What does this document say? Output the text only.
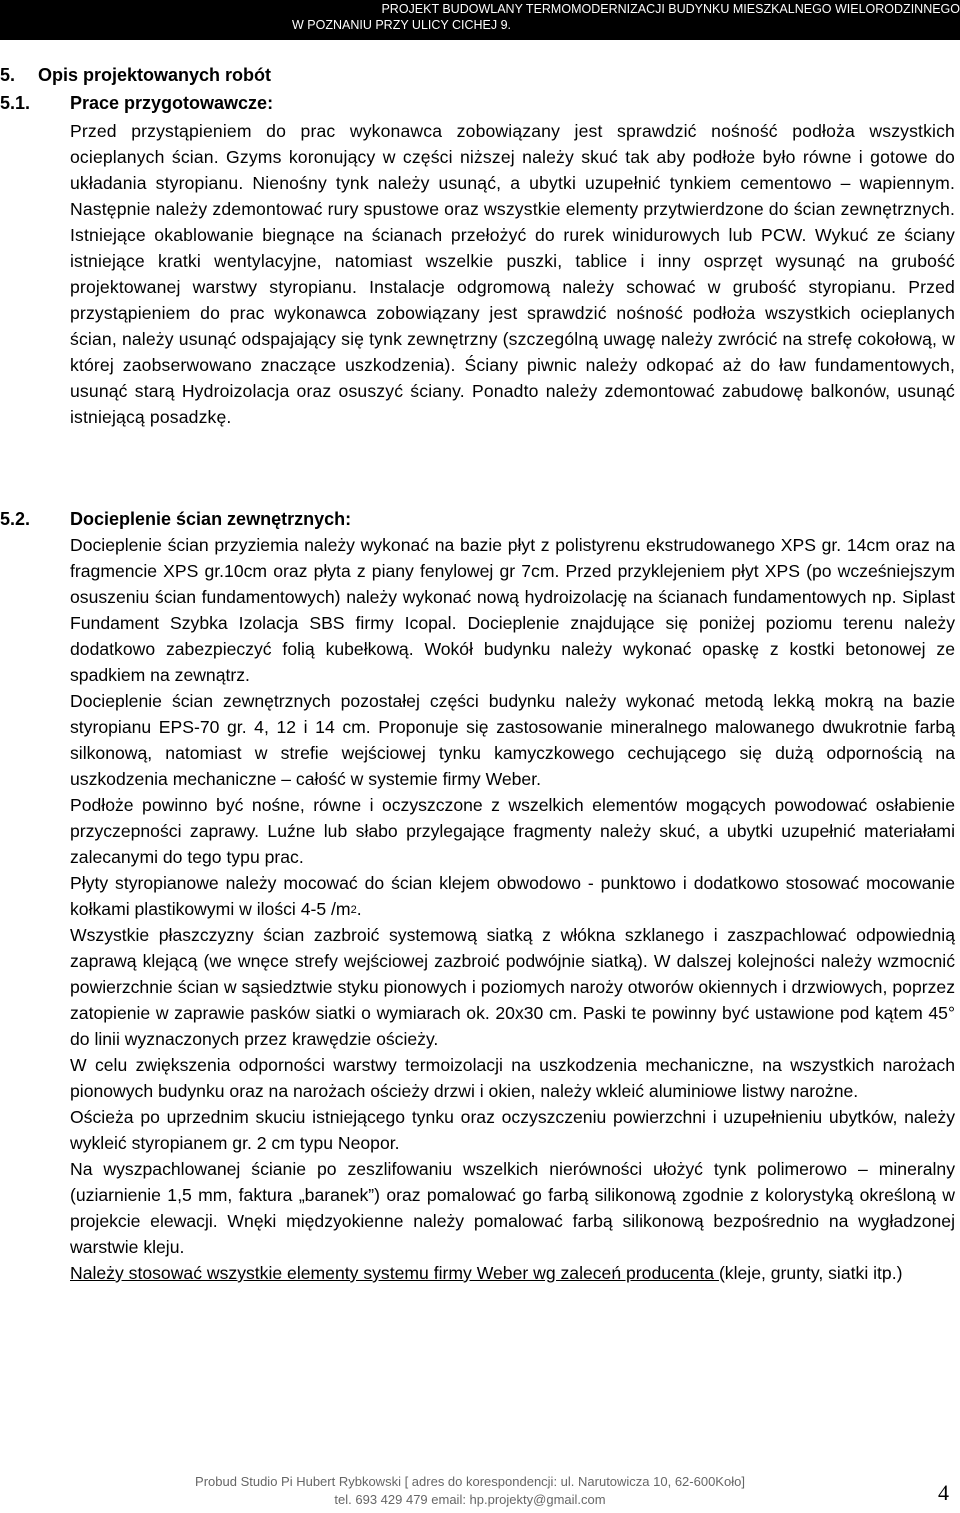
PROJEKT BUDOWLANY TERMOMODERNIZACJI BUDYNKU MIESZKALNEGO WIELORODZINNEGO
W POZNANIU PRZY ULICY CICHEJ 9.
5. Opis projektowanych robót
5.1. Prace przygotowawcze:

Przed przystąpieniem do prac wykonawca zobowiązany jest sprawdzić nośność podłoża wszystkich ocieplanych ścian. Gzyms koronujący w części niższej należy skuć tak aby podłoże było równe i gotowe do układania styropianu. Nienośny tynk należy usunąć, a ubytki uzupełnić tynkiem cementowo – wapiennym. Następnie należy zdemontować rury spustowe oraz wszystkie elementy przytwierdzone do ścian zewnętrznych. Istniejące okablowanie biegnące na ścianach przełożyć do rurek winidurowych lub PCW. Wykuć ze ściany istniejące kratki wentylacyjne, natomiast wszelkie puszki, tablice i inny osprzęt wysunąć na grubość projektowanej warstwy styropianu. Instalacje odgromową należy schować w grubość styropianu. Przed przystąpieniem do prac wykonawca zobowiązany jest sprawdzić nośność podłoża wszystkich ocieplanych ścian, należy usunąć odspajający się tynk zewnętrzny (szczególną uwagę należy zwrócić na strefę cokołową, w której zaobserwowano znaczące uszkodzenia). Ściany piwnic należy odkopać aż do ław fundamentowych, usunąć starą Hydroizolacja oraz osuszyć ściany. Ponadto należy zdemontować zabudowę balkonów, usunąć istniejącą posadzkę.

5.2. Docieplenie ścian zewnętrznych:

Docieplenie ścian przyziemia należy wykonać na bazie płyt z polistyrenu ekstrudowanego XPS gr. 14cm oraz na fragmencie XPS gr.10cm oraz płyta z piany fenylowej gr 7cm. Przed przyklejeniem płyt XPS (po wcześniejszym osuszeniu ścian fundamentowych) należy wykonać nową hydroizolację na ścianach fundamentowych np. Siplast Fundament Szybka Izolacja SBS firmy Icopal. Docieplenie znajdujące się poniżej poziomu terenu należy dodatkowo zabezpieczyć folią kubełkową. Wokół budynku należy wykonać opaskę z kostki betonowej ze spadkiem na zewnątrz.

Docieplenie ścian zewnętrznych pozostałej części budynku należy wykonać metodą lekką mokrą na bazie styropianu EPS-70 gr. 4, 12 i 14 cm. Proponuje się zastosowanie mineralnego malowanego dwukrotnie farbą silkonową, natomiast w strefie wejściowej tynku kamyczkowego cechującego się dużą odpornością na uszkodzenia mechaniczne – całość w systemie firmy Weber.

Podłoże powinno być nośne, równe i oczyszczone z wszelkich elementów mogących powodować osłabienie przyczepności zaprawy. Luźne lub słabo przylegające fragmenty należy skuć, a ubytki uzupełnić materiałami zalecanymi do tego typu prac.

Płyty styropianowe należy mocować do ścian klejem obwodowo - punktowo i dodatkowo stosować mocowanie kołkami plastikowymi w ilości 4-5 $/m^2$.

Wszystkie płaszczyzny ścian zazbroić systemową siatką z włókna szklanego i zaszpachlować odpowiednią zaprawą klejącą (we wnęce strefy wejściowej zazbroić podwójnie siatką). W dalszej kolejności należy wzmocnić powierzchnie ścian w sąsiedztwie styku pionowych i poziomych naroży otworów okiennych i drzwiowych, poprzez zatopienie w zaprawie pasków siatki o wymiarach ok. 20x30 cm. Paski te powinny być ustawione pod kątem 45° do linii wyznaczonych przez krawędzie ościeży.

W celu zwiększenia odporności warstwy termoizolacji na uszkodzenia mechaniczne, na wszystkich narożach pionowych budynku oraz na narożach ościeży drzwi i okien, należy wkleić aluminiowe listwy narożne.

Ościeża po uprzednim skuciu istniejącego tynku oraz oczyszczeniu powierzchni i uzupełnieniu ubytków, należy wykleić styropianem gr. 2 cm typu Neopor.

Na wyszpachlowanej ścianie po zeszlifowaniu wszelkich nierówności ułożyć tynk polimerowo – mineralny (uziarnienie 1,5 mm, faktura „baranek”) oraz pomalować go farbą silikonową zgodnie z kolorystyką określoną w projekcie elewacji. Wnęki międzyokienne należy pomalować farbą silikonową bezpośrednio na wygładzonej warstwie kleju.

Należy stosować wszystkie elementy systemu firmy Weber wg zaleceń producenta (kleje, grunty, siatki itp.)

Probud Studio Pi Hubert Rybkowski [ adres do korespondencji: ul. Narutowicza 10, 62-600Koło]
tel. 693 429 479 email: hp.projekty@gmail.com	4
